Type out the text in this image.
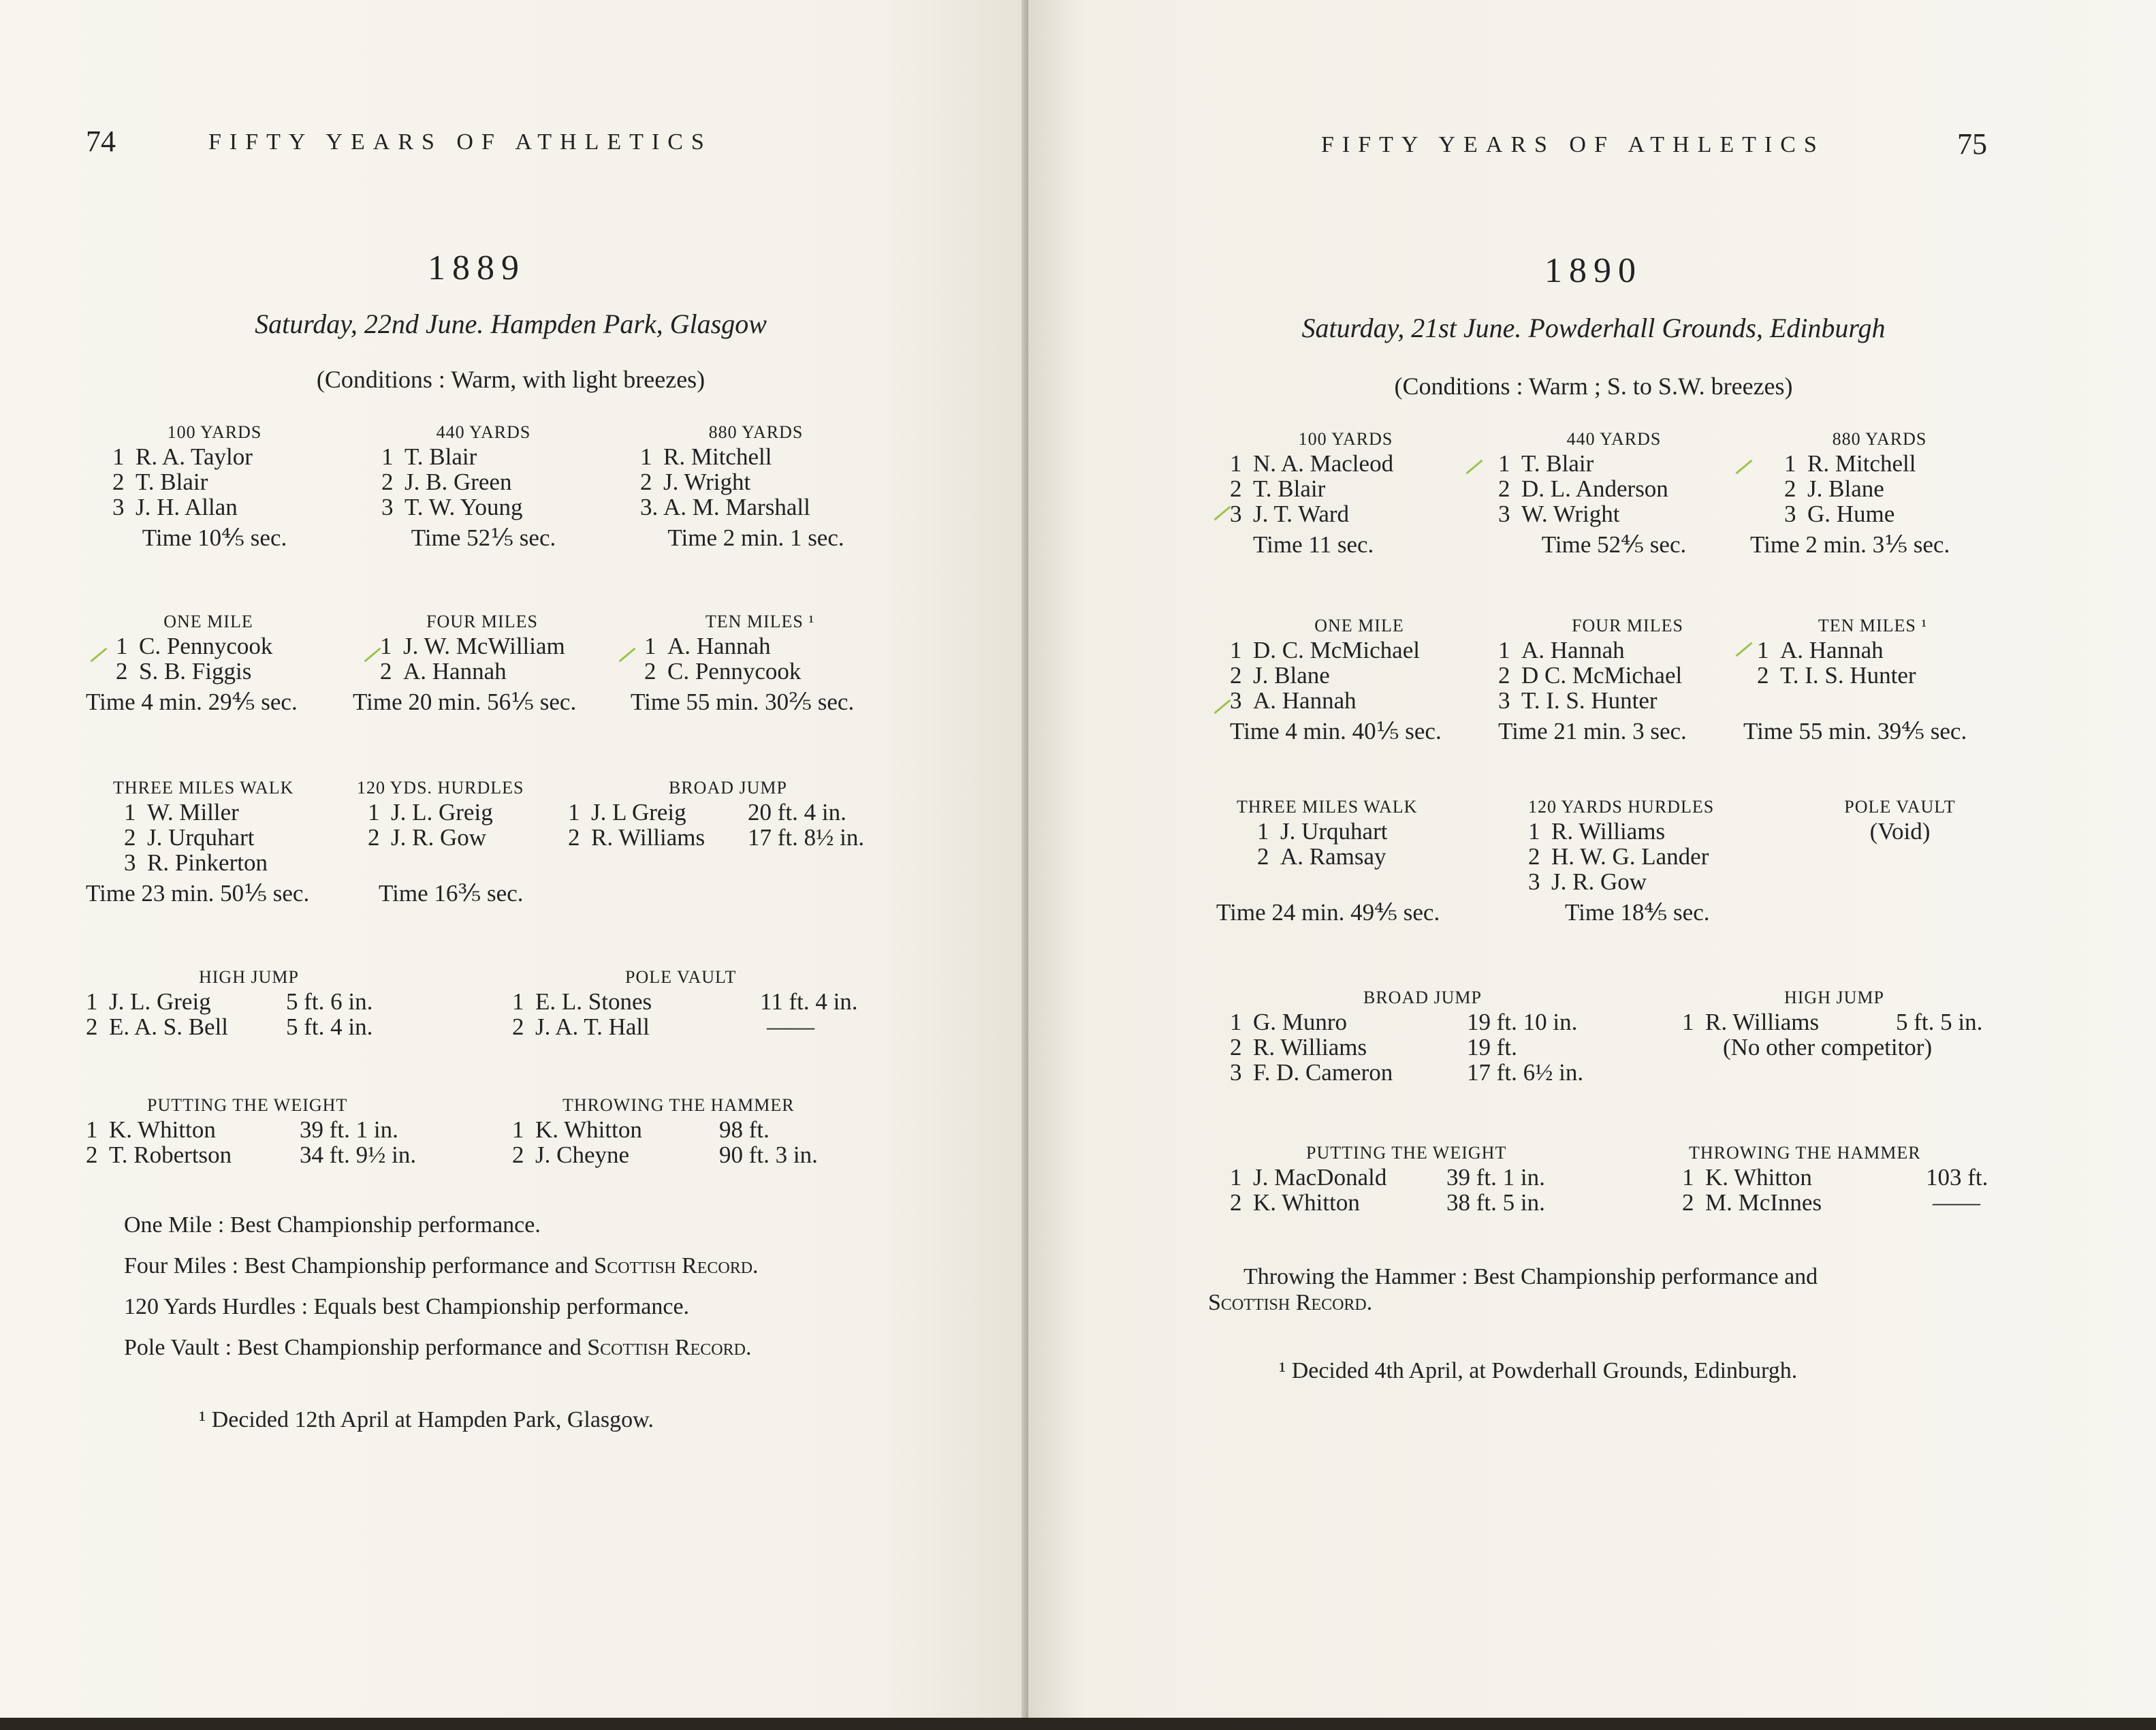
74	FIFTY YEARS OF ATHLETICS
1889
Saturday, 22nd June. Hampden Park, Glasgow
(Conditions : Warm, with light breezes)
100 YARDS
1 R. A. Taylor
2 T. Blair
3 J. H. Allan
Time 10⅘ sec.
440 YARDS
1 T. Blair
2 J. B. Green
3 T. W. Young
Time 52⅕ sec.
880 YARDS
1 R. Mitchell
2 J. Wright
3. A. M. Marshall
Time 2 min. 1 sec.
ONE MILE
1 C. Pennycook
2 S. B. Figgis
Time 4 min. 29⅘ sec.
FOUR MILES
1 J. W. McWilliam
2 A. Hannah
Time 20 min. 56⅕ sec.
TEN MILES ¹
1 A. Hannah
2 C. Pennycook
Time 55 min. 30⅖ sec.
THREE MILES WALK
1 W. Miller
2 J. Urquhart
3 R. Pinkerton
Time 23 min. 50⅕ sec.
120 YDS. HURDLES
1 J. L. Greig
2 J. R. Gow
Time 16⅗ sec.
BROAD JUMP
1 J. L Greig	20 ft. 4 in.
2 R. Williams	17 ft. 8½ in.
HIGH JUMP
1 J. L. Greig	5 ft. 6 in.
2 E. A. S. Bell	5 ft. 4 in.
POLE VAULT
1 E. L. Stones	11 ft. 4 in.
2 J. A. T. Hall	——
PUTTING THE WEIGHT
1 K. Whitton	39 ft. 1 in.
2 T. Robertson	34 ft. 9½ in.
THROWING THE HAMMER
1 K. Whitton	98 ft.
2 J. Cheyne	90 ft. 3 in.
One Mile : Best Championship performance.
Four Miles : Best Championship performance and Scottish Record.
120 Yards Hurdles : Equals best Championship performance.
Pole Vault : Best Championship performance and Scottish Record.
¹ Decided 12th April at Hampden Park, Glasgow.
FIFTY YEARS OF ATHLETICS	75
1890
Saturday, 21st June. Powderhall Grounds, Edinburgh
(Conditions : Warm ; S. to S.W. breezes)
100 YARDS
1 N. A. Macleod
2 T. Blair
3 J. T. Ward
Time 11 sec.
440 YARDS
1 T. Blair
2 D. L. Anderson
3 W. Wright
Time 52⅘ sec.
880 YARDS
1 R. Mitchell
2 J. Blane
3 G. Hume
Time 2 min. 3⅕ sec.
ONE MILE
1 D. C. McMichael
2 J. Blane
3 A. Hannah
Time 4 min. 40⅕ sec.
FOUR MILES
1 A. Hannah
2 D C. McMichael
3 T. I. S. Hunter
Time 21 min. 3 sec.
TEN MILES ¹
1 A. Hannah
2 T. I. S. Hunter
Time 55 min. 39⅘ sec.
THREE MILES WALK
1 J. Urquhart
2 A. Ramsay
Time 24 min. 49⅘ sec.
120 YARDS HURDLES
1 R. Williams
2 H. W. G. Lander
3 J. R. Gow
Time 18⅘ sec.
POLE VAULT
(Void)
BROAD JUMP
1 G. Munro	19 ft. 10 in.
2 R. Williams	19 ft.
3 F. D. Cameron	17 ft. 6½ in.
HIGH JUMP
1 R. Williams	5 ft. 5 in.
(No other competitor)
PUTTING THE WEIGHT
1 J. MacDonald	39 ft. 1 in.
2 K. Whitton	38 ft. 5 in.
THROWING THE HAMMER
1 K. Whitton	103 ft.
2 M. McInnes	——
Throwing the Hammer : Best Championship performance and
Scottish Record.
¹ Decided 4th April, at Powderhall Grounds, Edinburgh.
